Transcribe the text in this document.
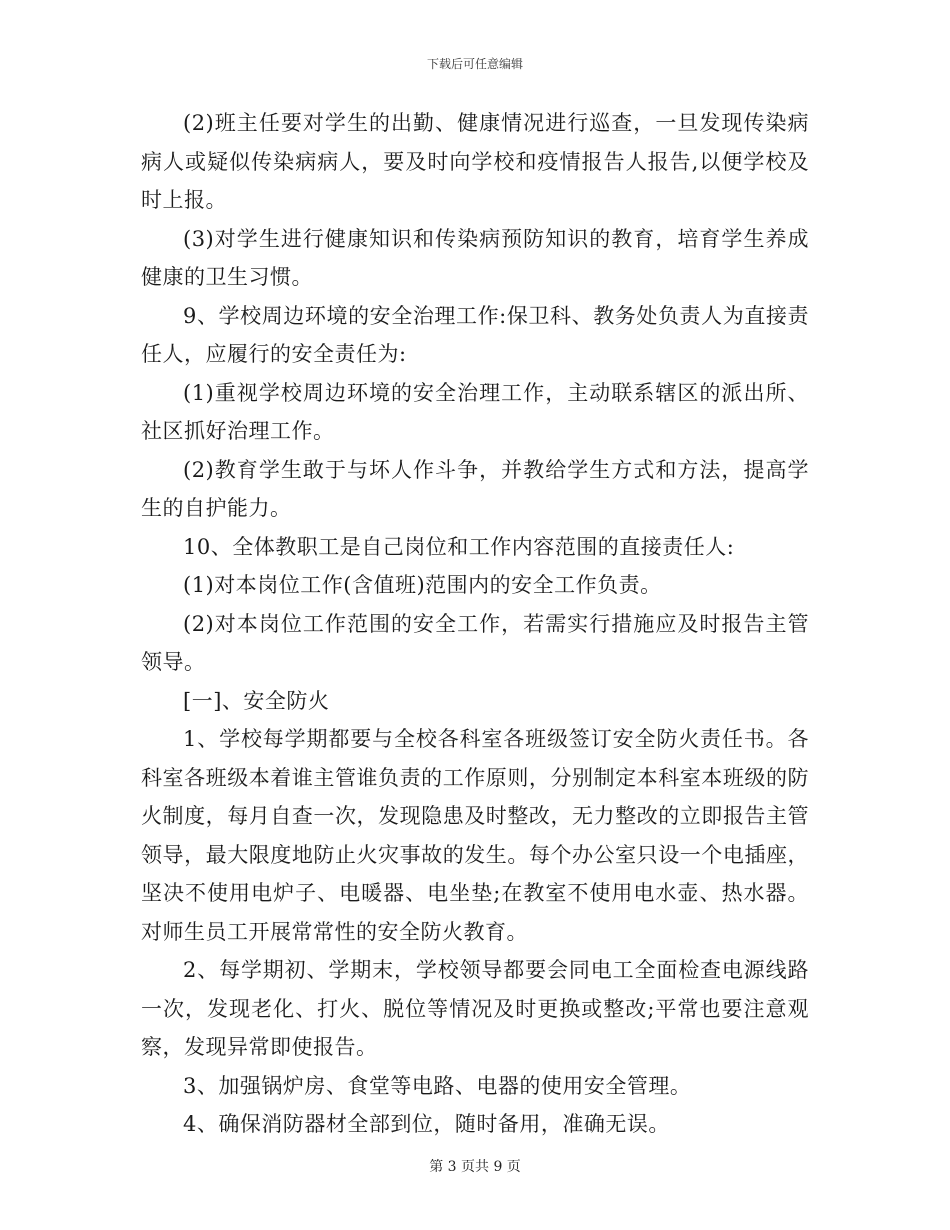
下载后可任意编辑

(2)班主任要对学生的出勤、健康情况进行巡查，一旦发现传染病病人或疑似传染病病人，要及时向学校和疫情报告人报告,以便学校及时上报。

(3)对学生进行健康知识和传染病预防知识的教育，培育学生养成健康的卫生习惯。

9、学校周边环境的安全治理工作:保卫科、教务处负责人为直接责任人，应履行的安全责任为:

(1)重视学校周边环境的安全治理工作，主动联系辖区的派出所、社区抓好治理工作。

(2)教育学生敢于与坏人作斗争，并教给学生方式和方法，提高学生的自护能力。

10、全体教职工是自己岗位和工作内容范围的直接责任人:

(1)对本岗位工作(含值班)范围内的安全工作负责。

(2)对本岗位工作范围的安全工作，若需实行措施应及时报告主管领导。

[一]、安全防火

1、学校每学期都要与全校各科室各班级签订安全防火责任书。各科室各班级本着谁主管谁负责的工作原则，分别制定本科室本班级的防火制度，每月自查一次，发现隐患及时整改，无力整改的立即报告主管领导，最大限度地防止火灾事故的发生。每个办公室只设一个电插座，坚决不使用电炉子、电暖器、电坐垫;在教室不使用电水壶、热水器。对师生员工开展常常性的安全防火教育。

2、每学期初、学期末，学校领导都要会同电工全面检查电源线路一次，发现老化、打火、脱位等情况及时更换或整改;平常也要注意观察，发现异常即使报告。

3、加强锅炉房、食堂等电路、电器的使用安全管理。

4、确保消防器材全部到位，随时备用，准确无误。

第 3 页共 9 页
